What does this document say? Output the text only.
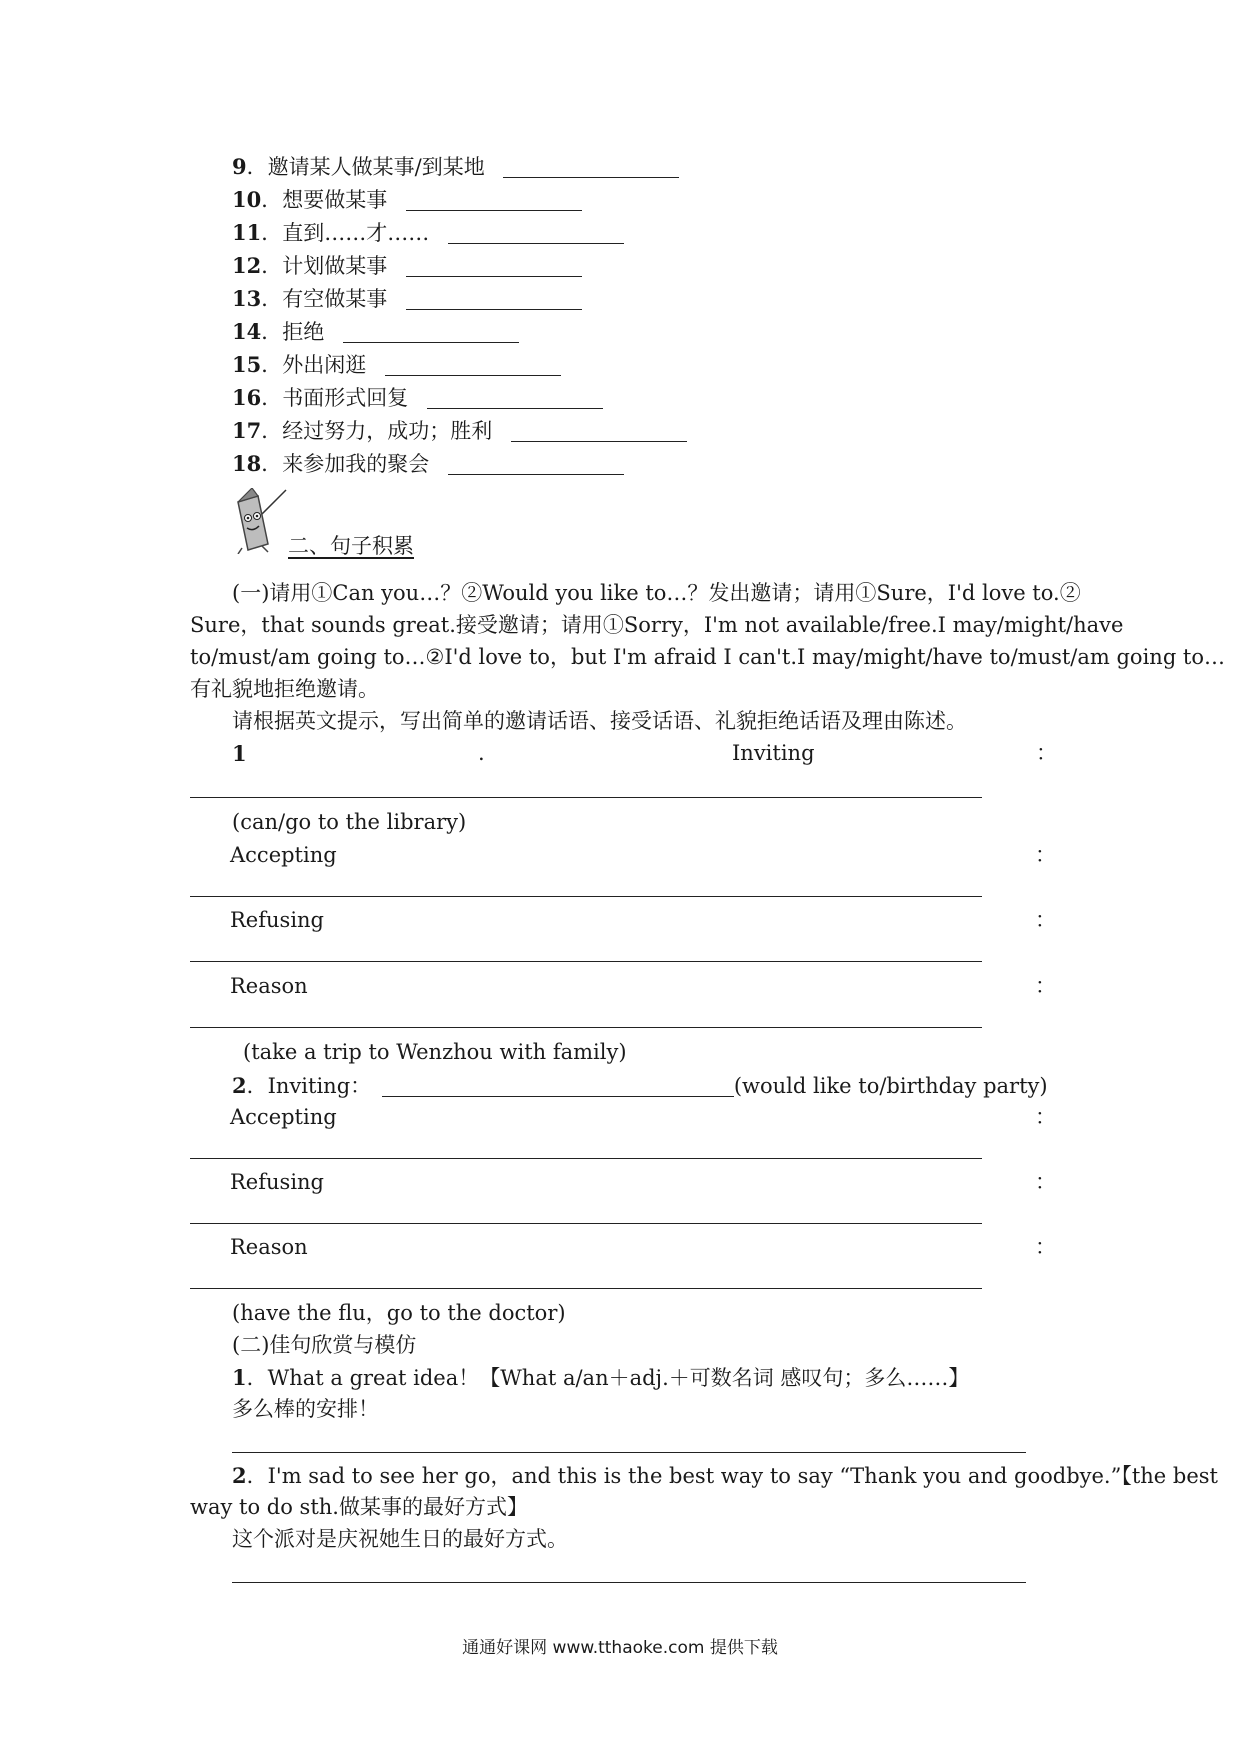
9．邀请某人做某事/到某地
10．想要做某事
11．直到……才……
12．计划做某事
13．有空做某事
14．拒绝
15．外出闲逛
16．书面形式回复
17．经过努力，成功；胜利
18．来参加我的聚会
二、句子积累
(一)请用①Can you…？②Would you like to…？发出邀请；请用①Sure，I'd love to.②
Sure，that sounds great.接受邀请；请用①Sorry，I'm not available/free.I may/might/have
to/must/am going to…②I'd love to，but I'm afraid I can't.I may/might/have to/must/am going to…
有礼貌地拒绝邀请。
请根据英文提示，写出简单的邀请话语、接受话语、礼貌拒绝话语及理由陈述。
1	.	Inviting	：
(can/go to the library)
Accepting	：
Refusing	：
Reason	：
(take a trip to Wenzhou with family)
2．Inviting：	(would like to/birthday party)
Accepting	：
Refusing	：
Reason	：
(have the flu，go to the doctor)
(二)佳句欣赏与模仿
1．What a great idea！【What a/an＋adj.＋可数名词 感叹句；多么……】
多么棒的安排！
2．I'm sad to see her go，and this is the best way to say “Thank you and goodbye.”【the best
way to do sth.做某事的最好方式】
这个派对是庆祝她生日的最好方式。
通通好课网 www.tthaoke.com 提供下载
